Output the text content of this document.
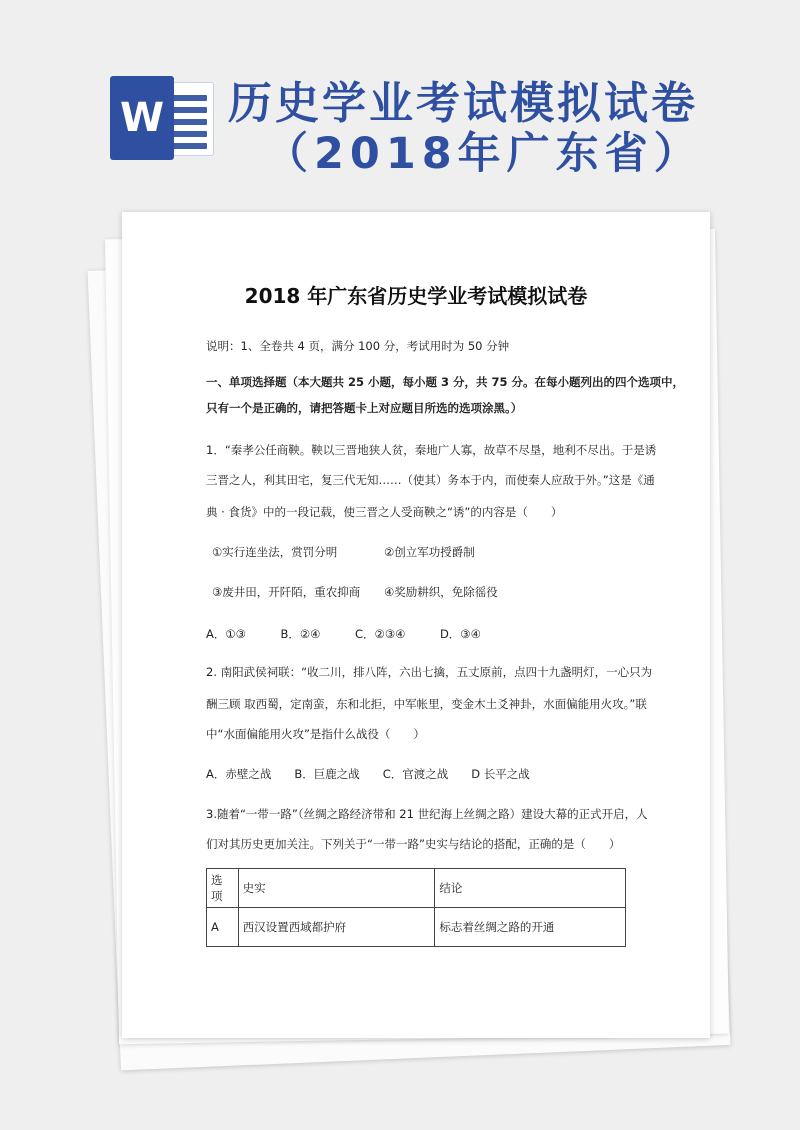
W 历史学业考试模拟试卷
（2018年广东省）
2018 年广东省历史学业考试模拟试卷
说明：1、全卷共 4 页，满分 100 分，考试用时为 50 分钟
一、单项选择题（本大题共 25 小题，每小题 3 分，共 75 分。在每小题列出的四个选项中，
只有一个是正确的，请把答题卡上对应题目所选的选项涂黑。）
1．“秦孝公任商鞅。鞅以三晋地狭人贫，秦地广人寡，故草不尽垦，地利不尽出。于是诱
三晋之人，利其田宅，复三代无知……（使其）务本于内，而使秦人应敌于外。”这是《通
典 · 食货》中的一段记载，使三晋之人受商鞅之“诱”的内容是（　　）
①实行连坐法，赏罚分明	②创立军功授爵制
③废井田，开阡陌，重农抑商 ④奖励耕织，免除徭役
A．①③　　　B．②④　　　C．②③④　　　D．③④
2. 南阳武侯祠联：“收二川，排八阵，六出七擒，五丈原前，点四十九盏明灯，一心只为
酬三顾 取西蜀，定南蛮，东和北拒，中军帐里，变金木土爻神卦，水面偏能用火攻。”联
中“水面偏能用火攻”是指什么战役（　　）
A．赤壁之战　　B．巨鹿之战　　C．官渡之战　　D 长平之战
3.随着“一带一路”（丝绸之路经济带和 21 世纪海上丝绸之路）建设大幕的正式开启，人
们对其历史更加关注。下列关于“一带一路”史实与结论的搭配，正确的是（　　）
选项	史实	结论
A	西汉设置西域都护府	标志着丝绸之路的开通
